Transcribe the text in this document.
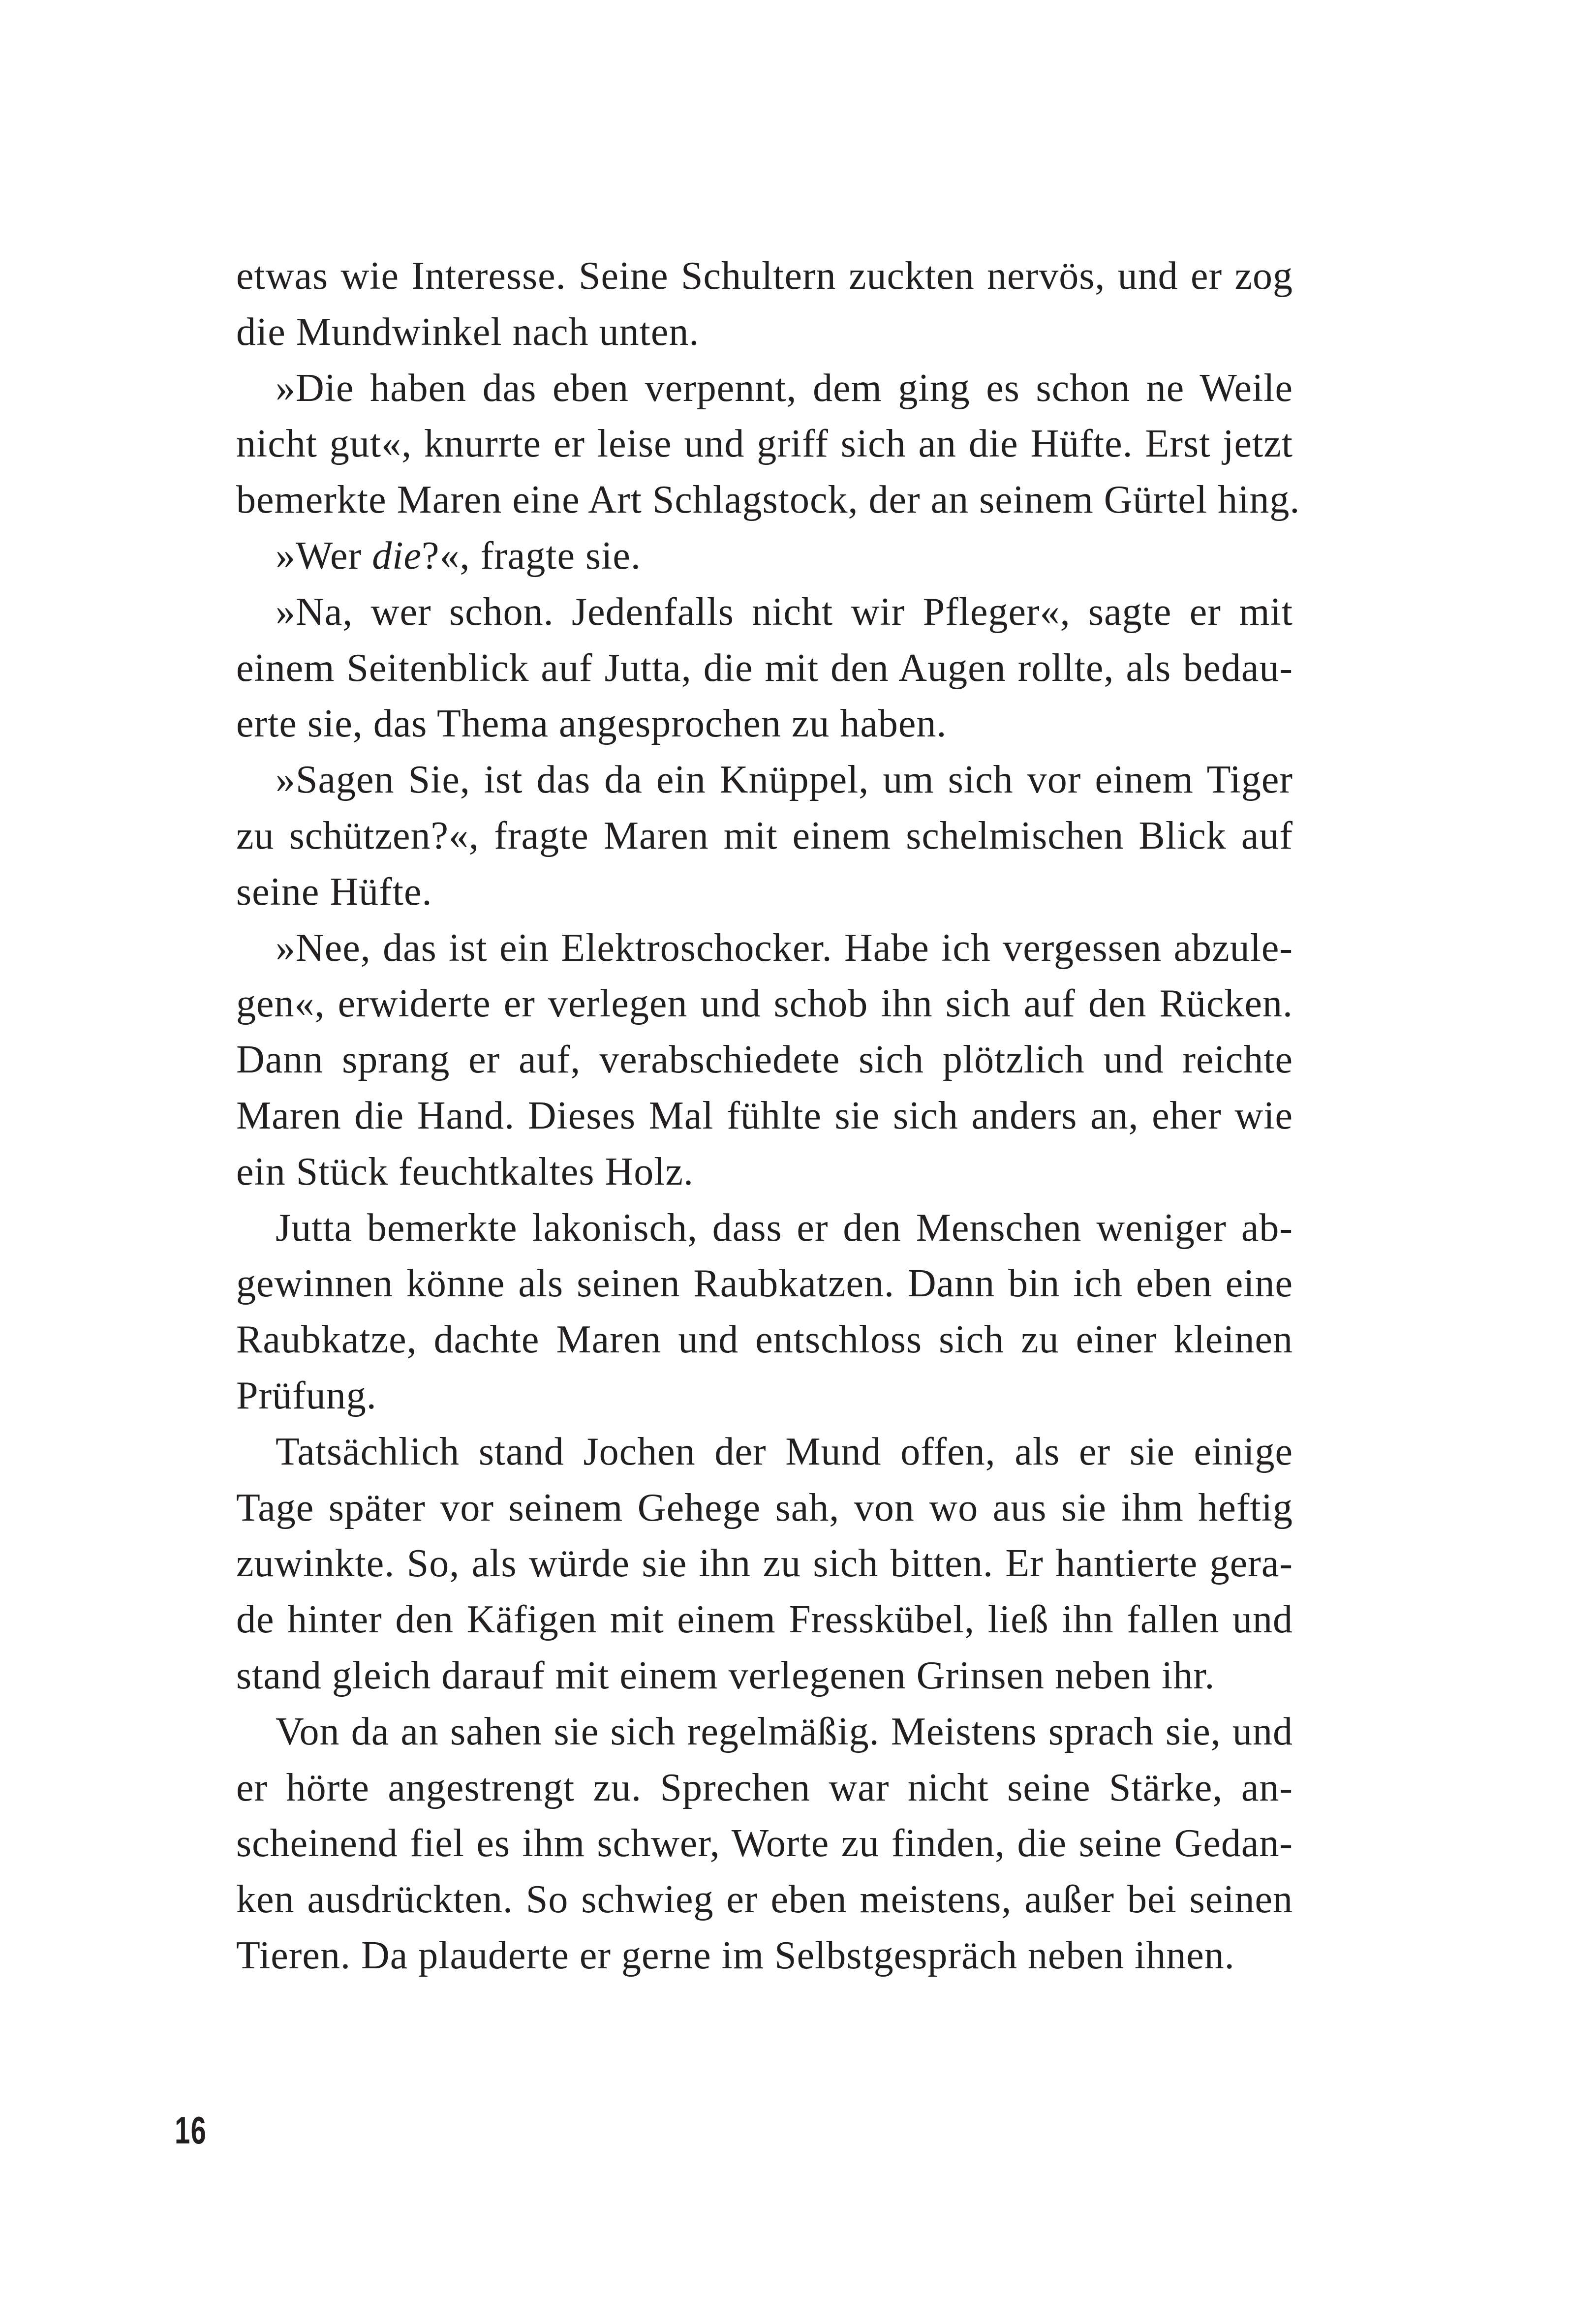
etwas wie Interesse. Seine Schultern zuckten nervös, und er zog
die Mundwinkel nach unten.
»Die haben das eben verpennt, dem ging es schon ne Weile
nicht gut«, knurrte er leise und griff sich an die Hüfte. Erst jetzt
bemerkte Maren eine Art Schlagstock, der an seinem Gürtel hing.
»Wer die?«, fragte sie.
»Na, wer schon. Jedenfalls nicht wir Pfleger«, sagte er mit
einem Seitenblick auf Jutta, die mit den Augen rollte, als bedau-
erte sie, das Thema angesprochen zu haben.
»Sagen Sie, ist das da ein Knüppel, um sich vor einem Tiger
zu schützen?«, fragte Maren mit einem schelmischen Blick auf
seine Hüfte.
»Nee, das ist ein Elektroschocker. Habe ich vergessen abzule-
gen«, erwiderte er verlegen und schob ihn sich auf den Rücken.
Dann sprang er auf, verabschiedete sich plötzlich und reichte
Maren die Hand. Dieses Mal fühlte sie sich anders an, eher wie
ein Stück feuchtkaltes Holz.
Jutta bemerkte lakonisch, dass er den Menschen weniger ab-
gewinnen könne als seinen Raubkatzen. Dann bin ich eben eine
Raubkatze, dachte Maren und entschloss sich zu einer kleinen
Prüfung.
Tatsächlich stand Jochen der Mund offen, als er sie einige
Tage später vor seinem Gehege sah, von wo aus sie ihm heftig
zuwinkte. So, als würde sie ihn zu sich bitten. Er hantierte gera-
de hinter den Käfigen mit einem Fresskübel, ließ ihn fallen und
stand gleich darauf mit einem verlegenen Grinsen neben ihr.
Von da an sahen sie sich regelmäßig. Meistens sprach sie, und
er hörte angestrengt zu. Sprechen war nicht seine Stärke, an-
scheinend fiel es ihm schwer, Worte zu finden, die seine Gedan-
ken ausdrückten. So schwieg er eben meistens, außer bei seinen
Tieren. Da plauderte er gerne im Selbstgespräch neben ihnen.
16
